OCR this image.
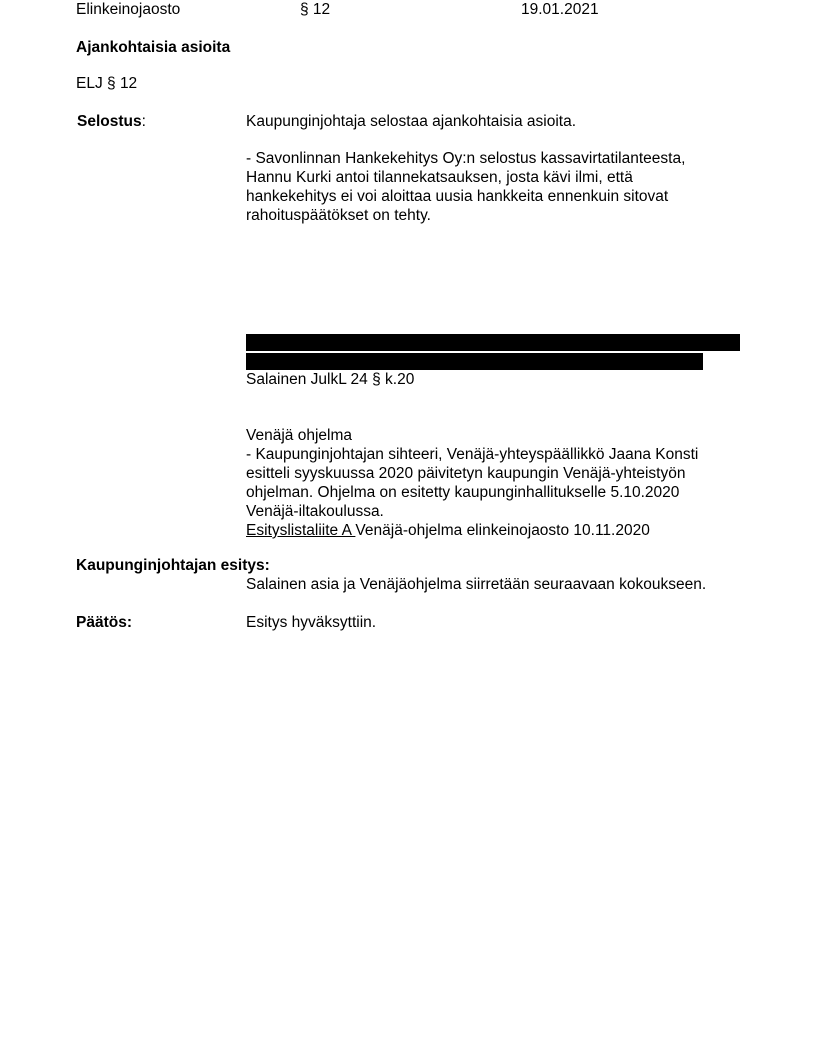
Elinkeinojaosto	§ 12	19.01.2021
Ajankohtaisia asioita
ELJ § 12
Selostus:	Kaupunginjohtaja selostaa ajankohtaisia asioita.
- Savonlinnan Hankekehitys Oy:n selostus kassavirtatilanteesta,
Hannu Kurki antoi tilannekatsauksen, josta kävi ilmi, että
hankekehitys ei voi aloittaa uusia hankkeita ennenkuin sitovat
rahoituspäätökset on tehty.
Salainen JulkL 24 § k.20
Venäjä ohjelma
- Kaupunginjohtajan sihteeri, Venäjä-yhteyspäällikkö Jaana Konsti
esitteli syyskuussa 2020 päivitetyn kaupungin Venäjä-yhteistyön
ohjelman. Ohjelma on esitetty kaupunginhallitukselle 5.10.2020
Venäjä-iltakoulussa.
Esityslistaliite A Venäjä-ohjelma elinkeinojaosto 10.11.2020
Kaupunginjohtajan esitys:
Salainen asia ja Venäjäohjelma siirretään seuraavaan kokoukseen.
Päätös:	Esitys hyväksyttiin.
